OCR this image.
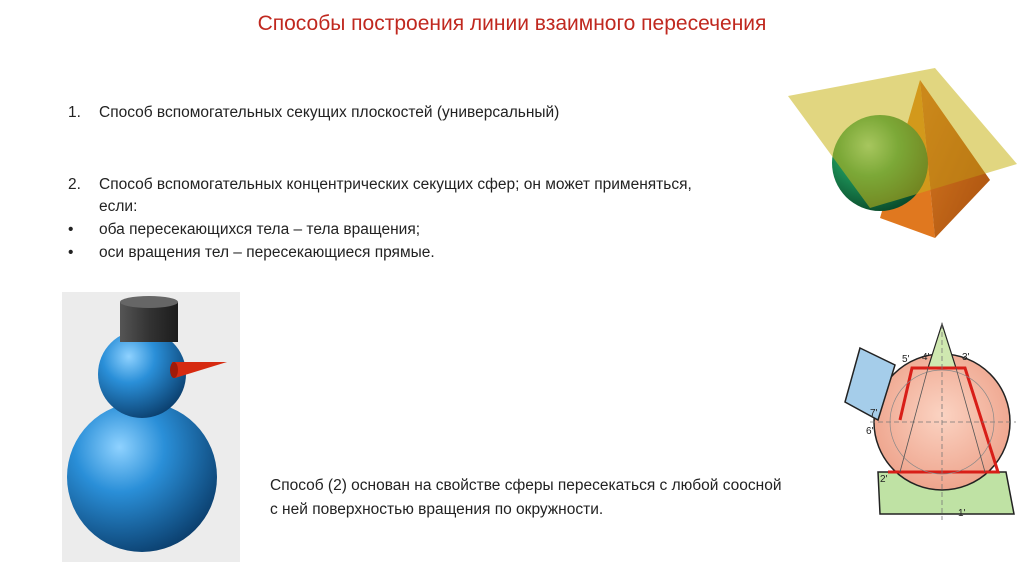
Способы построения линии взаимного пересечения
1. Способ вспомогательных секущих плоскостей (универсальный)
2. Способ вспомогательных концентрических секущих сфер; он может применяться,
если:
• оба пересекающихся тела – тела вращения;
• оси вращения тел – пересекающиеся прямые.
Способ (2) основан на свойстве сферы пересекаться с любой соосной
с ней поверхностью вращения по окружности.	1'
2'
3'
4'
5'
6'
7'
